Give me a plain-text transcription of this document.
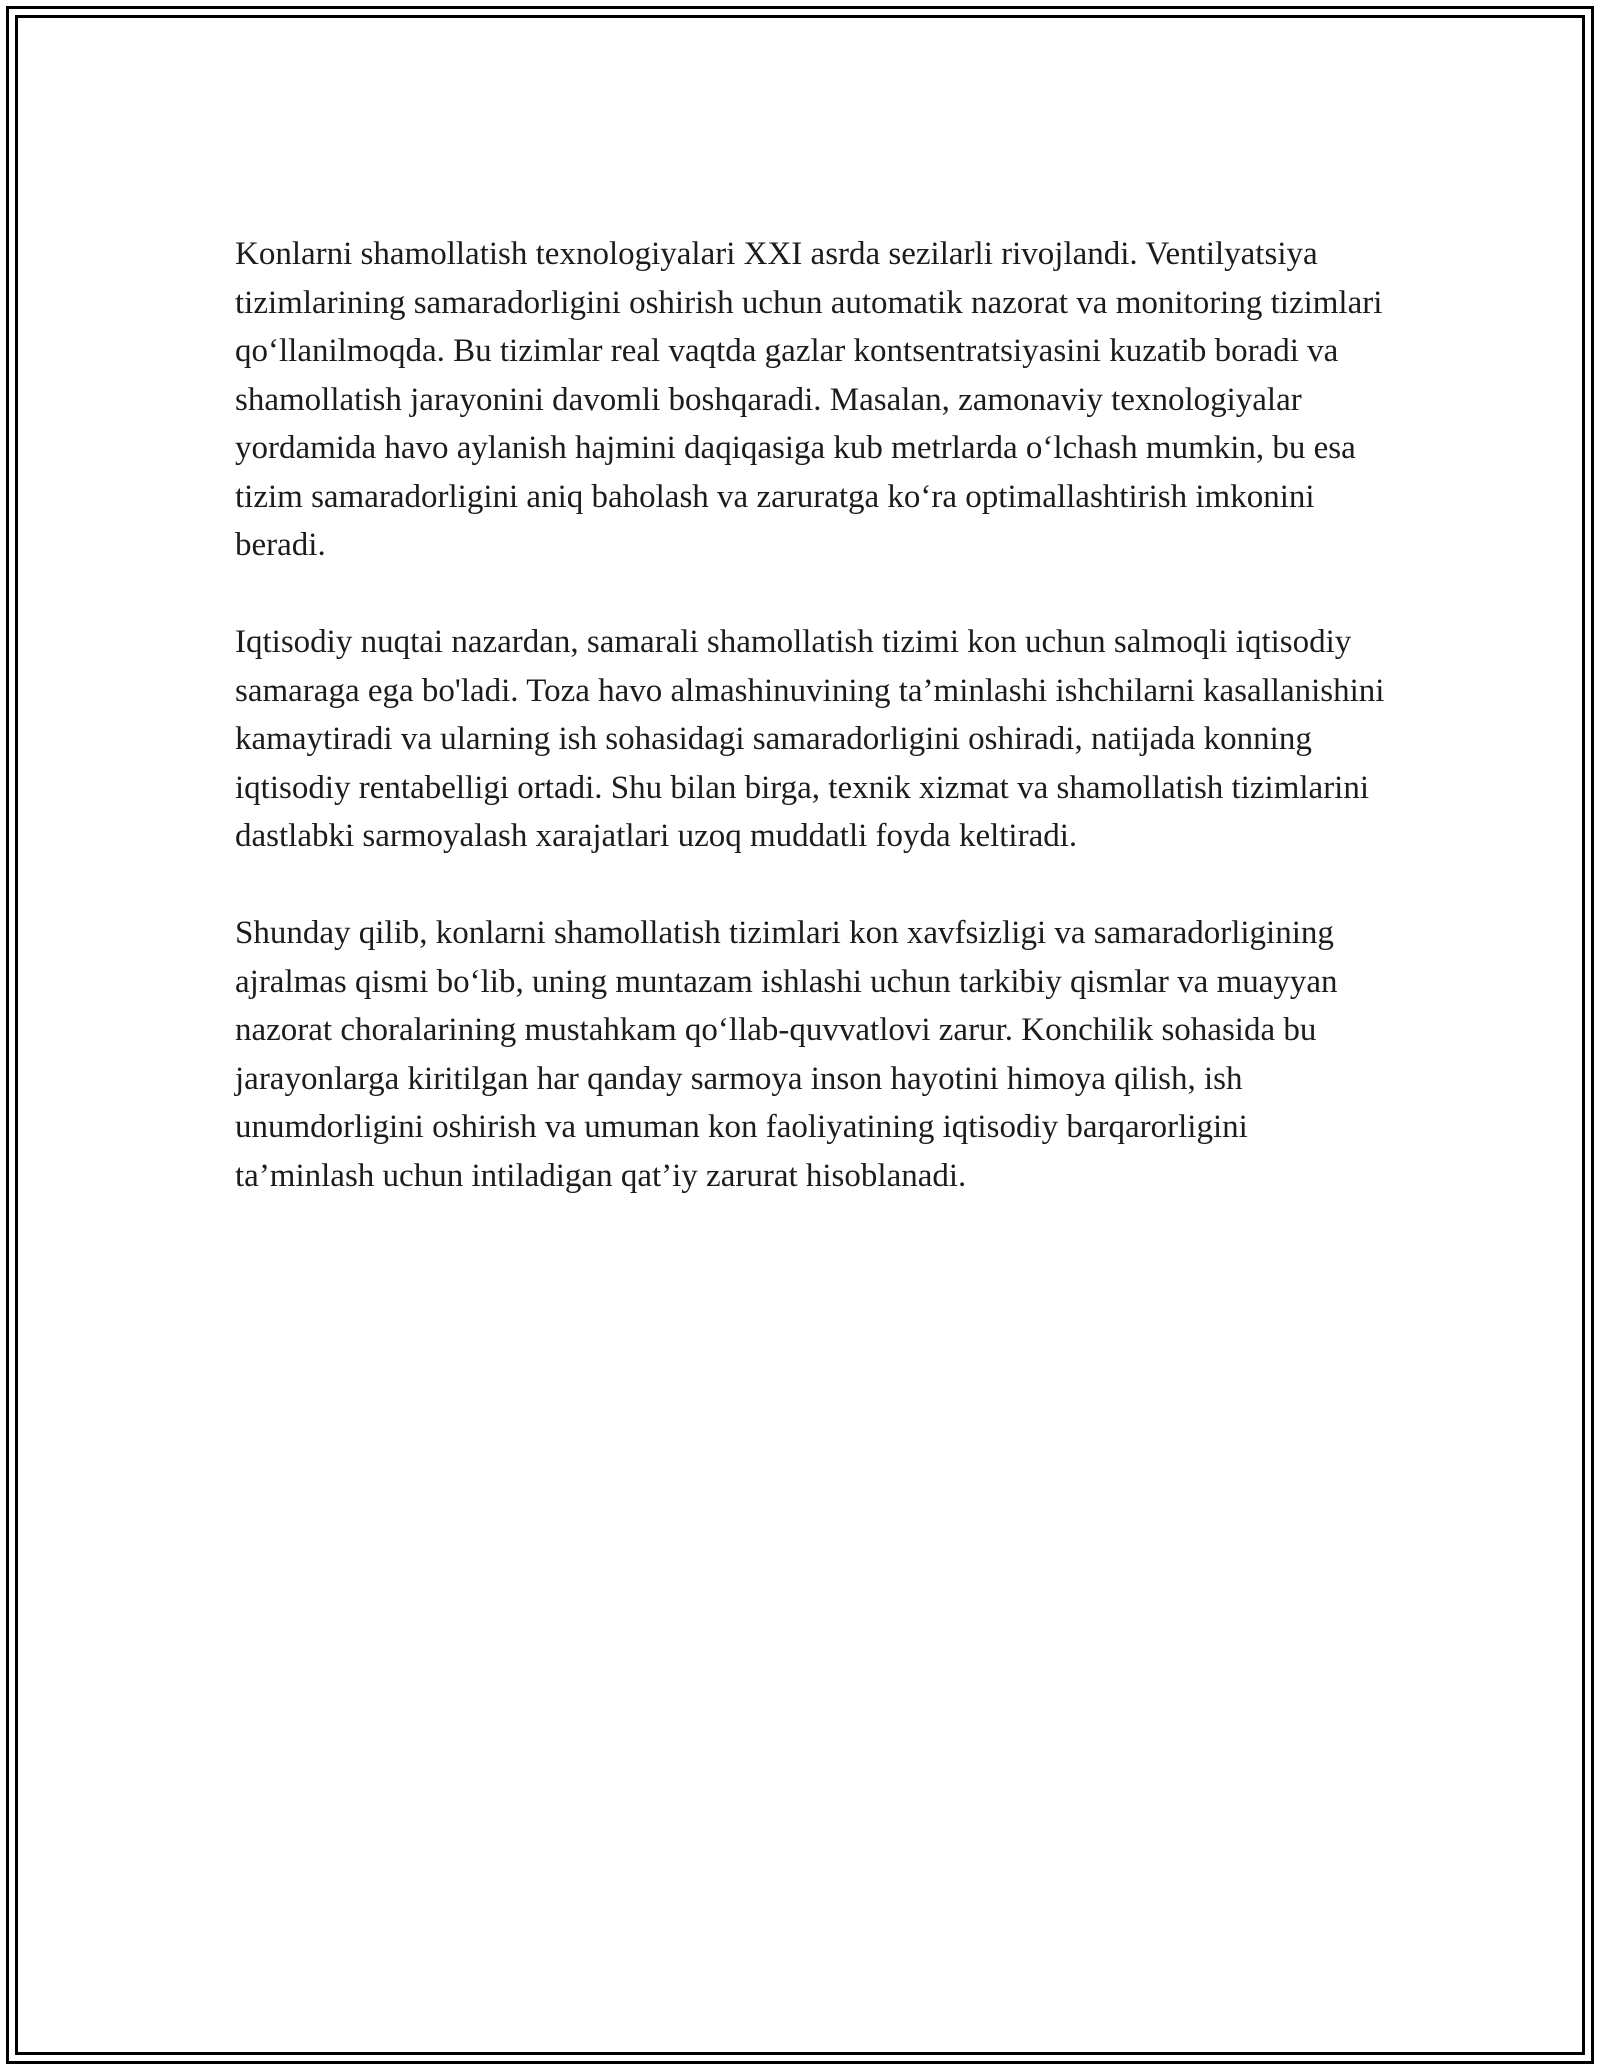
Konlarni shamollatish texnologiyalari XXI asrda sezilarli rivojlandi. Ventilyatsiya tizimlarining samaradorligini oshirish uchun automatik nazorat va monitoring tizimlari qo‘llanilmoqda. Bu tizimlar real vaqtda gazlar kontsentratsiyasini kuzatib boradi va shamollatish jarayonini davomli boshqaradi. Masalan, zamonaviy texnologiyalar yordamida havo aylanish hajmini daqiqasiga kub metrlarda o‘lchash mumkin, bu esa tizim samaradorligini aniq baholash va zaruratga ko‘ra optimallashtirish imkonini beradi.

Iqtisodiy nuqtai nazardan, samarali shamollatish tizimi kon uchun salmoqli iqtisodiy samaraga ega bo'ladi. Toza havo almashinuvining ta’minlashi ishchilarni kasallanishini kamaytiradi va ularning ish sohasidagi samaradorligini oshiradi, natijada konning iqtisodiy rentabelligi ortadi. Shu bilan birga, texnik xizmat va shamollatish tizimlarini dastlabki sarmoyalash xarajatlari uzoq muddatli foyda keltiradi.

Shunday qilib, konlarni shamollatish tizimlari kon xavfsizligi va samaradorligining ajralmas qismi bo‘lib, uning muntazam ishlashi uchun tarkibiy qismlar va muayyan nazorat choralarining mustahkam qo‘llab-quvvatlovi zarur. Konchilik sohasida bu jarayonlarga kiritilgan har qanday sarmoya inson hayotini himoya qilish, ish unumdorligini oshirish va umuman kon faoliyatining iqtisodiy barqarorligini ta’minlash uchun intiladigan qat’iy zarurat hisoblanadi.
